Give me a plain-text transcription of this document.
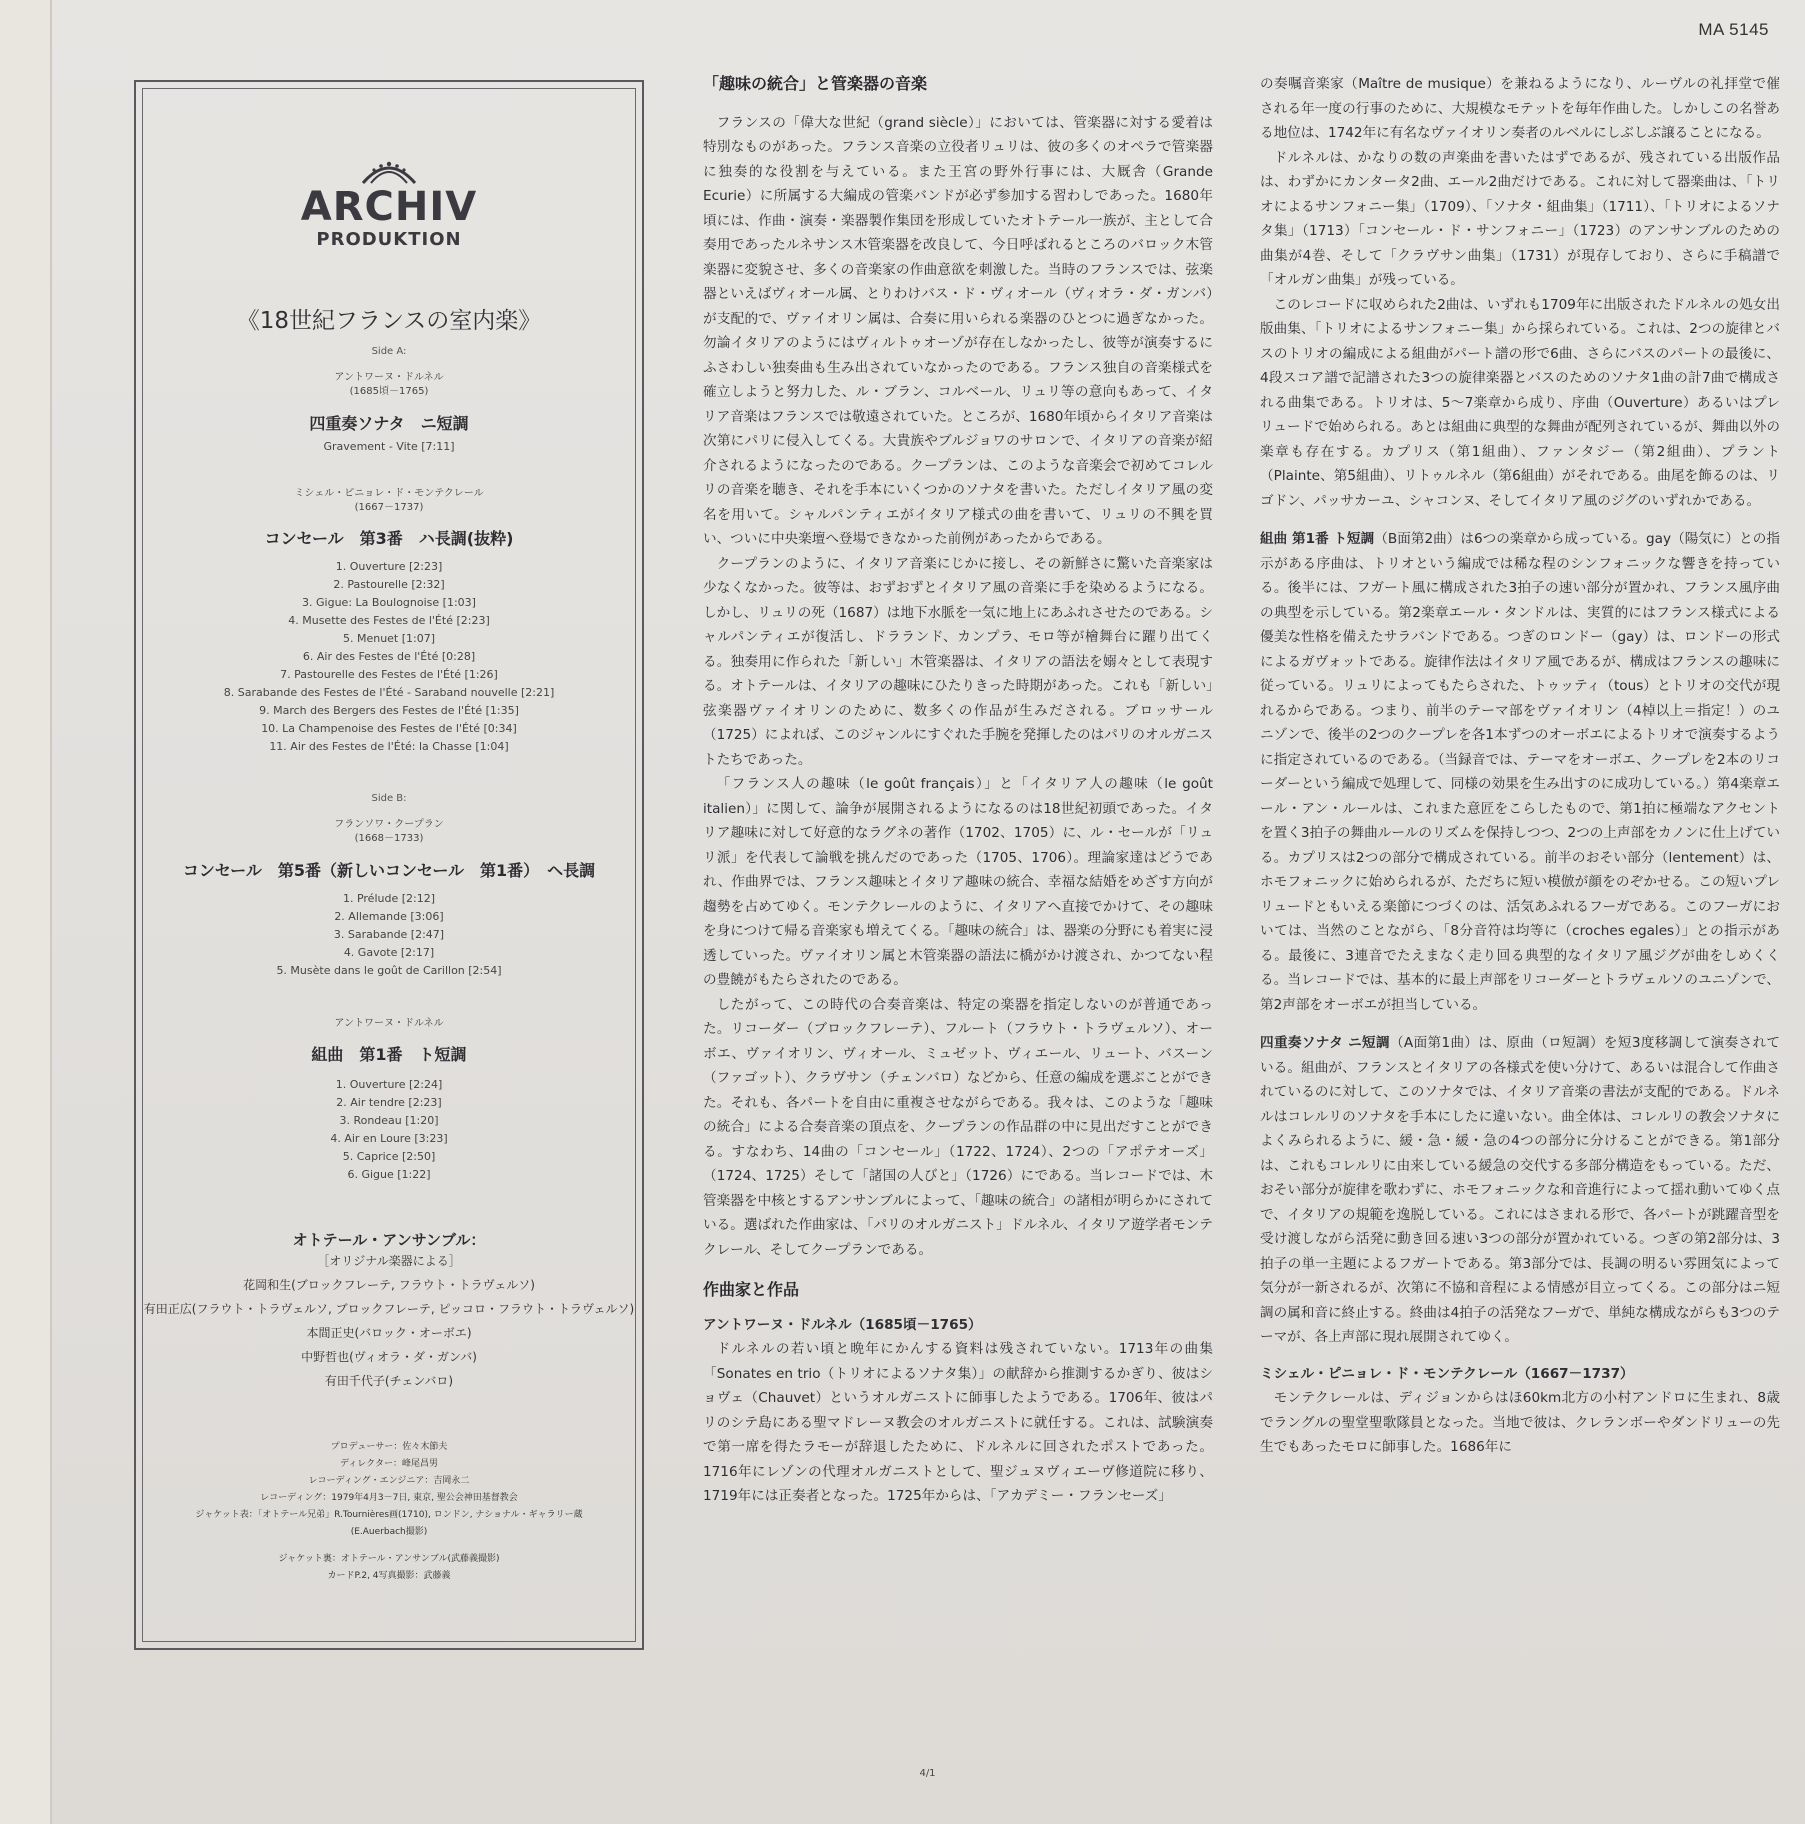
MA 5145
ARCHIV
PRODUKTION
《18世紀フランスの室内楽》
Side A:
アントワーヌ・ドルネル
(1685頃－1765)
四重奏ソナタ　ニ短調
Gravement - Vite [7:11]
ミシェル・ピニョレ・ド・モンテクレール
(1667－1737)
コンセール　第3番　ハ長調(抜粋)
1. Ouverture [2:23]
2. Pastourelle [2:32]
3. Gigue: La Boulognoise [1:03]
4. Musette des Festes de l'Été [2:23]
5. Menuet [1:07]
6. Air des Festes de l'Été [0:28]
7. Pastourelle des Festes de l'Été [1:26]
8. Sarabande des Festes de l'Été - Saraband nouvelle [2:21]
9. March des Bergers des Festes de l'Été [1:35]
10. La Champenoise des Festes de l'Été [0:34]
11. Air des Festes de l'Été: la Chasse [1:04]
Side B:
フランソワ・クープラン
(1668－1733)
コンセール　第5番（新しいコンセール　第1番）　ヘ長調
1. Prélude [2:12]
2. Allemande [3:06]
3. Sarabande [2:47]
4. Gavote [2:17]
5. Musète dans le goût de Carillon [2:54]
アントワーヌ・ドルネル
組曲　第1番　ト短調
1. Ouverture [2:24]
2. Air tendre [2:23]
3. Rondeau [1:20]
4. Air en Loure [3:23]
5. Caprice [2:50]
6. Gigue [1:22]
オトテール・アンサンブル：
［オリジナル楽器による］
花岡和生(ブロックフレーテ, フラウト・トラヴェルソ)
有田正広(フラウト・トラヴェルソ, ブロックフレーテ, ピッコロ・フラウト・トラヴェルソ)
本間正史(バロック・オーボエ)
中野哲也(ヴィオラ・ダ・ガンバ)
有田千代子(チェンバロ)
プロデューサー：佐々木節夫
ディレクター：峰尾昌男
レコーディング・エンジニア：吉岡永二
レコーディング：1979年4月3－7日, 東京, 聖公会神田基督教会
ジャケット表：「オトテール兄弟」R.Tournières画(1710), ロンドン, ナショナル・ギャラリー蔵
(E.Auerbach撮影)
ジャケット裏：オトテール・アンサンブル(武藤義撮影)
カードP.2, 4写真撮影：武藤義
「趣味の統合」と管楽器の音楽

フランスの「偉大な世紀（grand siècle）」においては、管楽器に対する愛着は特別なものがあった。フランス音楽の立役者リュリは、彼の多くのオペラで管楽器に独奏的な役割を与えている。また王宮の野外行事には、大厩舎（Grande Ecurie）に所属する大編成の管楽バンドが必ず参加する習わしであった。1680年頃には、作曲・演奏・楽器製作集団を形成していたオトテール一族が、主として合奏用であったルネサンス木管楽器を改良して、今日呼ばれるところのバロック木管楽器に変貌させ、多くの音楽家の作曲意欲を刺激した。当時のフランスでは、弦楽器といえばヴィオール属、とりわけバス・ド・ヴィオール（ヴィオラ・ダ・ガンバ）が支配的で、ヴァイオリン属は、合奏に用いられる楽器のひとつに過ぎなかった。勿論イタリアのようにはヴィルトゥオーゾが存在しなかったし、彼等が演奏するにふさわしい独奏曲も生み出されていなかったのである。フランス独自の音楽様式を確立しようと努力した、ル・ブラン、コルベール、リュリ等の意向もあって、イタリア音楽はフランスでは敬遠されていた。ところが、1680年頃からイタリア音楽は次第にパリに侵入してくる。大貴族やブルジョワのサロンで、イタリアの音楽が紹介されるようになったのである。クープランは、このような音楽会で初めてコレルリの音楽を聴き、それを手本にいくつかのソナタを書いた。ただしイタリア風の変名を用いて。シャルパンティエがイタリア様式の曲を書いて、リュリの不興を買い、ついに中央楽壇へ登場できなかった前例があったからである。

クープランのように、イタリア音楽にじかに接し、その新鮮さに驚いた音楽家は少なくなかった。彼等は、おずおずとイタリア風の音楽に手を染めるようになる。しかし、リュリの死（1687）は地下水脈を一気に地上にあふれさせたのである。シャルパンティエが復活し、ドラランド、カンプラ、モロ等が檜舞台に躍り出てくる。独奏用に作られた「新しい」木管楽器は、イタリアの語法を嫋々として表現する。オトテールは、イタリアの趣味にひたりきった時期があった。これも「新しい」弦楽器ヴァイオリンのために、数多くの作品が生みだされる。ブロッサール（1725）によれば、このジャンルにすぐれた手腕を発揮したのはパリのオルガニストたちであった。

「フランス人の趣味（le goût français）」と「イタリア人の趣味（le goût italien）」に関して、論争が展開されるようになるのは18世紀初頭であった。イタリア趣味に対して好意的なラグネの著作（1702、1705）に、ル・セールが「リュリ派」を代表して論戦を挑んだのであった（1705、1706）。理論家達はどうであれ、作曲界では、フランス趣味とイタリア趣味の統合、幸福な結婚をめざす方向が趨勢を占めてゆく。モンテクレールのように、イタリアへ直接でかけて、その趣味を身につけて帰る音楽家も増えてくる。「趣味の統合」は、器楽の分野にも着実に浸透していった。ヴァイオリン属と木管楽器の語法に橋がかけ渡され、かつてない程の豊饒がもたらされたのである。

したがって、この時代の合奏音楽は、特定の楽器を指定しないのが普通であった。リコーダー（ブロックフレーテ）、フルート（フラウト・トラヴェルソ）、オーボエ、ヴァイオリン、ヴィオール、ミュゼット、ヴィエール、リュート、バスーン（ファゴット）、クラヴサン（チェンバロ）などから、任意の編成を選ぶことができた。それも、各パートを自由に重複させながらである。我々は、このような「趣味の統合」による合奏音楽の頂点を、クープランの作品群の中に見出だすことができる。すなわち、14曲の「コンセール」（1722、1724）、2つの「アポテオーズ」（1724、1725）そして「諸国の人びと」（1726）にである。当レコードでは、木管楽器を中核とするアンサンブルによって、「趣味の統合」の諸相が明らかにされている。選ばれた作曲家は、「パリのオルガニスト」ドルネル、イタリア遊学者モンテクレール、そしてクープランである。

作曲家と作品

アントワーヌ・ドルネル（1685頃－1765）

ドルネルの若い頃と晩年にかんする資料は残されていない。1713年の曲集「Sonates en trio（トリオによるソナタ集）」の献辞から推測するかぎり、彼はショヴェ（Chauvet）というオルガニストに師事したようである。1706年、彼はパリのシテ島にある聖マドレーヌ教会のオルガニストに就任する。これは、試験演奏で第一席を得たラモーが辞退したために、ドルネルに回されたポストであった。1716年にレゾンの代理オルガニストとして、聖ジュヌヴィエーヴ修道院に移り、1719年には正奏者となった。1725年からは、「アカデミー・フランセーズ」

の奏嘱音楽家（Maître de musique）を兼ねるようになり、ルーヴルの礼拝堂で催される年一度の行事のために、大規模なモテットを毎年作曲した。しかしこの名誉ある地位は、1742年に有名なヴァイオリン奏者のルベルにしぶしぶ譲ることになる。

ドルネルは、かなりの数の声楽曲を書いたはずであるが、残されている出版作品は、わずかにカンタータ2曲、エール2曲だけである。これに対して器楽曲は、「トリオによるサンフォニー集」（1709）、「ソナタ・組曲集」（1711）、「トリオによるソナタ集」（1713）「コンセール・ド・サンフォニー」（1723）のアンサンブルのための曲集が4巻、そして「クラヴサン曲集」（1731）が現存しており、さらに手稿譜で「オルガン曲集」が残っている。

このレコードに収められた2曲は、いずれも1709年に出版されたドルネルの処女出版曲集、「トリオによるサンフォニー集」から採られている。これは、2つの旋律とバスのトリオの編成による組曲がパート譜の形で6曲、さらにバスのパートの最後に、4段スコア譜で記譜された3つの旋律楽器とバスのためのソナタ1曲の計7曲で構成される曲集である。トリオは、5～7楽章から成り、序曲（Ouverture）あるいはプレリュードで始められる。あとは組曲に典型的な舞曲が配列されているが、舞曲以外の楽章も存在する。カプリス（第1組曲）、ファンタジー（第2組曲）、プラント（Plainte、第5組曲）、リトゥルネル（第6組曲）がそれである。曲尾を飾るのは、リゴドン、パッサカーユ、シャコンヌ、そしてイタリア風のジグのいずれかである。

組曲 第1番 ト短調（B面第2曲）は6つの楽章から成っている。gay（陽気に）との指示がある序曲は、トリオという編成では稀な程のシンフォニックな響きを持っている。後半には、フガート風に構成された3拍子の速い部分が置かれ、フランス風序曲の典型を示している。第2楽章エール・タンドルは、実質的にはフランス様式による優美な性格を備えたサラバンドである。つぎのロンドー（gay）は、ロンドーの形式によるガヴォットである。旋律作法はイタリア風であるが、構成はフランスの趣味に従っている。リュリによってもたらされた、トゥッティ（tous）とトリオの交代が現れるからである。つまり、前半のテーマ部をヴァイオリン（4棹以上＝指定！）のユニゾンで、後半の2つのクープレを各1本ずつのオーボエによるトリオで演奏するように指定されているのである。（当録音では、テーマをオーボエ、クープレを2本のリコーダーという編成で処理して、同様の効果を生み出すのに成功している。）第4楽章エール・アン・ルールは、これまた意匠をこらしたもので、第1拍に極端なアクセントを置く3拍子の舞曲ルールのリズムを保持しつつ、2つの上声部をカノンに仕上げている。カプリスは2つの部分で構成されている。前半のおそい部分（lentement）は、ホモフォニックに始められるが、ただちに短い模倣が顔をのぞかせる。この短いプレリュードともいえる楽節につづくのは、活気あふれるフーガである。このフーガにおいては、当然のことながら、「8分音符は均等に（croches egales）」との指示がある。最後に、3連音でたえまなく走り回る典型的なイタリア風ジグが曲をしめくくる。当レコードでは、基本的に最上声部をリコーダーとトラヴェルソのユニゾンで、第2声部をオーボエが担当している。

四重奏ソナタ ニ短調（A面第1曲）は、原曲（ロ短調）を短3度移調して演奏されている。組曲が、フランスとイタリアの各様式を使い分けて、あるいは混合して作曲されているのに対して、このソナタでは、イタリア音楽の書法が支配的である。ドルネルはコレルリのソナタを手本にしたに違いない。曲全体は、コレルリの教会ソナタによくみられるように、緩・急・緩・急の4つの部分に分けることができる。第1部分は、これもコレルリに由来している緩急の交代する多部分構造をもっている。ただ、おそい部分が旋律を歌わずに、ホモフォニックな和音進行によって揺れ動いてゆく点で、イタリアの規範を逸脱している。これにはさまれる形で、各パートが跳躍音型を受け渡しながら活発に動き回る速い3つの部分が置かれている。つぎの第2部分は、3拍子の単一主題によるフガートである。第3部分では、長調の明るい雰囲気によって気分が一新されるが、次第に不協和音程による情感が目立ってくる。この部分はニ短調の属和音に終止する。終曲は4拍子の活発なフーガで、単純な構成ながらも3つのテーマが、各上声部に現れ展開されてゆく。

ミシェル・ピニョレ・ド・モンテクレール（1667－1737）

モンテクレールは、ディジョンからはほ60km北方の小村アンドロに生まれ、8歳でラングルの聖堂聖歌隊員となった。当地で彼は、クレランボーやダンドリューの先生でもあったモロに師事した。1686年に

4/1
